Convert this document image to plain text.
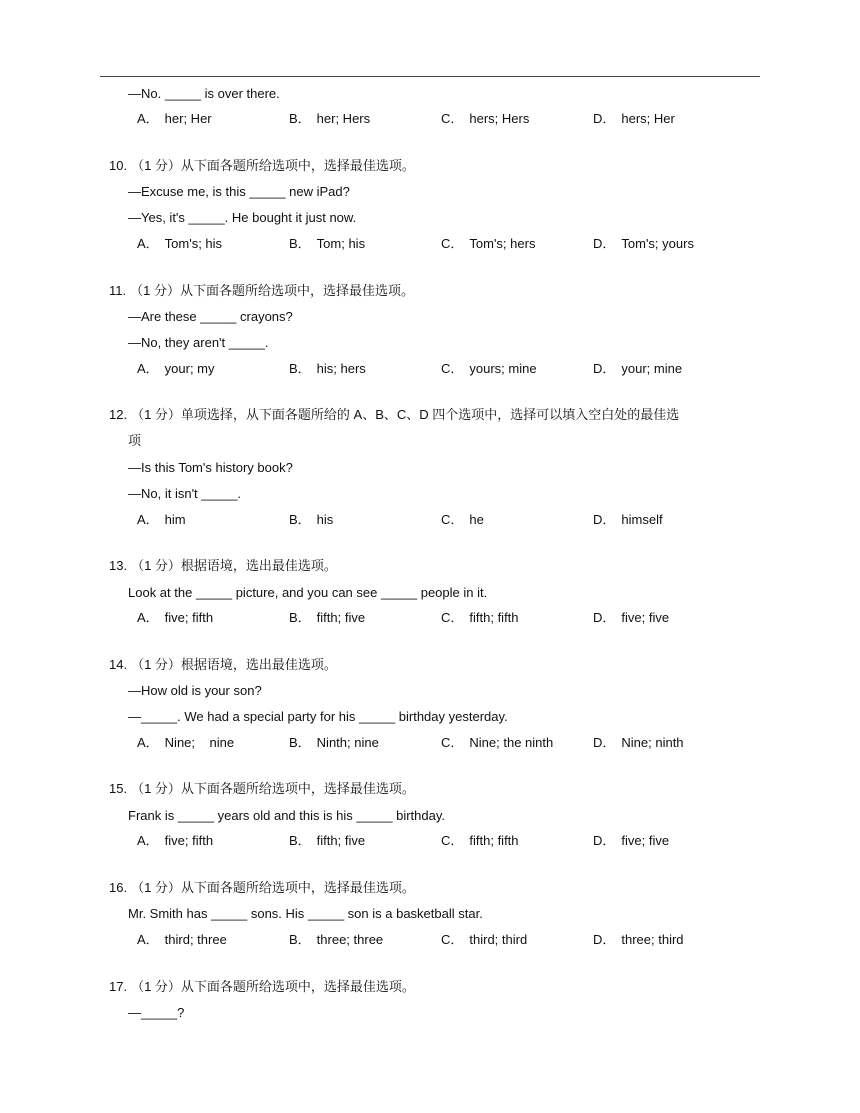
—No. _____ is over there.
A． her; Her	B． her; Hers	C． hers; Hers	D． hers; Her
10. （1 分）从下面各题所给选项中，选择最佳选项。
—Excuse me, is this _____ new iPad?
—Yes, it's _____. He bought it just now.
A． Tom's; his	B． Tom; his	C． Tom's; hers	D． Tom's; yours
11. （1 分）从下面各题所给选项中，选择最佳选项。
—Are these _____ crayons?
—No, they aren't _____.
A． your; my	B． his; hers	C． yours; mine	D． your; mine
12. （1 分）单项选择，从下面各题所给的 A、B、C、D 四个选项中，选择可以填入空白处的最佳选
项
—Is this Tom's history book?
—No, it isn't _____.
A． him	B． his	C． he	D． himself
13. （1 分）根据语境，选出最佳选项。
Look at the _____ picture, and you can see _____ people in it.
A． five; fifth	B． fifth; five	C． fifth; fifth	D． five; five
14. （1 分）根据语境，选出最佳选项。
—How old is your son?
—_____. We had a special party for his _____ birthday yesterday.
A． Nine;    nine	B． Ninth; nine	C． Nine; the ninth	D． Nine; ninth
15. （1 分）从下面各题所给选项中，选择最佳选项。
Frank is _____ years old and this is his _____ birthday.
A． five; fifth	B． fifth; five	C． fifth; fifth	D． five; five
16. （1 分）从下面各题所给选项中，选择最佳选项。
Mr. Smith has _____ sons. His _____ son is a basketball star.
A． third; three	B． three; three	C． third; third	D． three; third
17. （1 分）从下面各题所给选项中，选择最佳选项。
—_____?
